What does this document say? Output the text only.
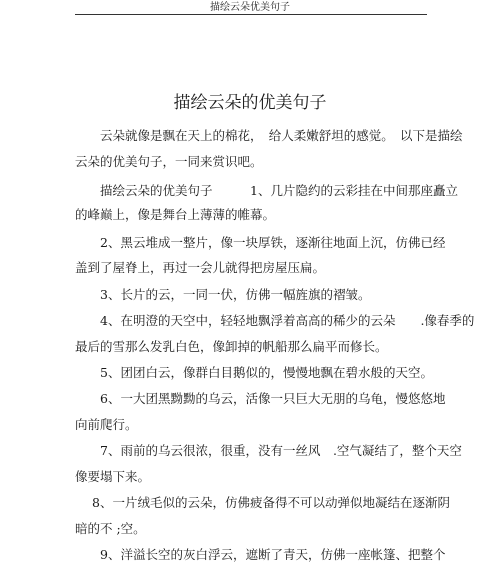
描绘云朵优美句子
描绘云朵的优美句子
云朵就像是飘在天上的棉花，　给人柔嫩舒坦的感觉。　以下是描绘
云朵的优美句子，一同来赏识吧。
描绘云朵的优美句子　　　1、几片隐约的云彩挂在中间那座矗立
的峰巅上，像是舞台上薄薄的帷幕。
2、黑云堆成一整片，像一块厚铁，逐渐往地面上沉，仿佛已经
盖到了屋脊上，再过一会儿就得把房屋压扁。
3、长片的云，一同一伏，仿佛一幅旌旗的褶皱。
4、在明澄的天空中，轻轻地飘浮着高高的稀少的云朵　　.像春季的
最后的雪那么发乳白色，像卸掉的帆船那么扁平而修长。
5、团团白云，像群白目鹅似的，慢慢地飘在碧水般的天空。
6、一大团黑黝黝的乌云，活像一只巨大无朋的乌龟，慢悠悠地
向前爬行。
7、雨前的乌云很浓，很重，没有一丝风　.空气凝结了，整个天空
像要塌下来。
8、一片绒毛似的云朵，仿佛疲备得不可以动弹似地凝结在逐渐阴
暗的不 ;空。
9、洋溢长空的灰白浮云，遮断了青天，仿佛一座帐篷、把整个
